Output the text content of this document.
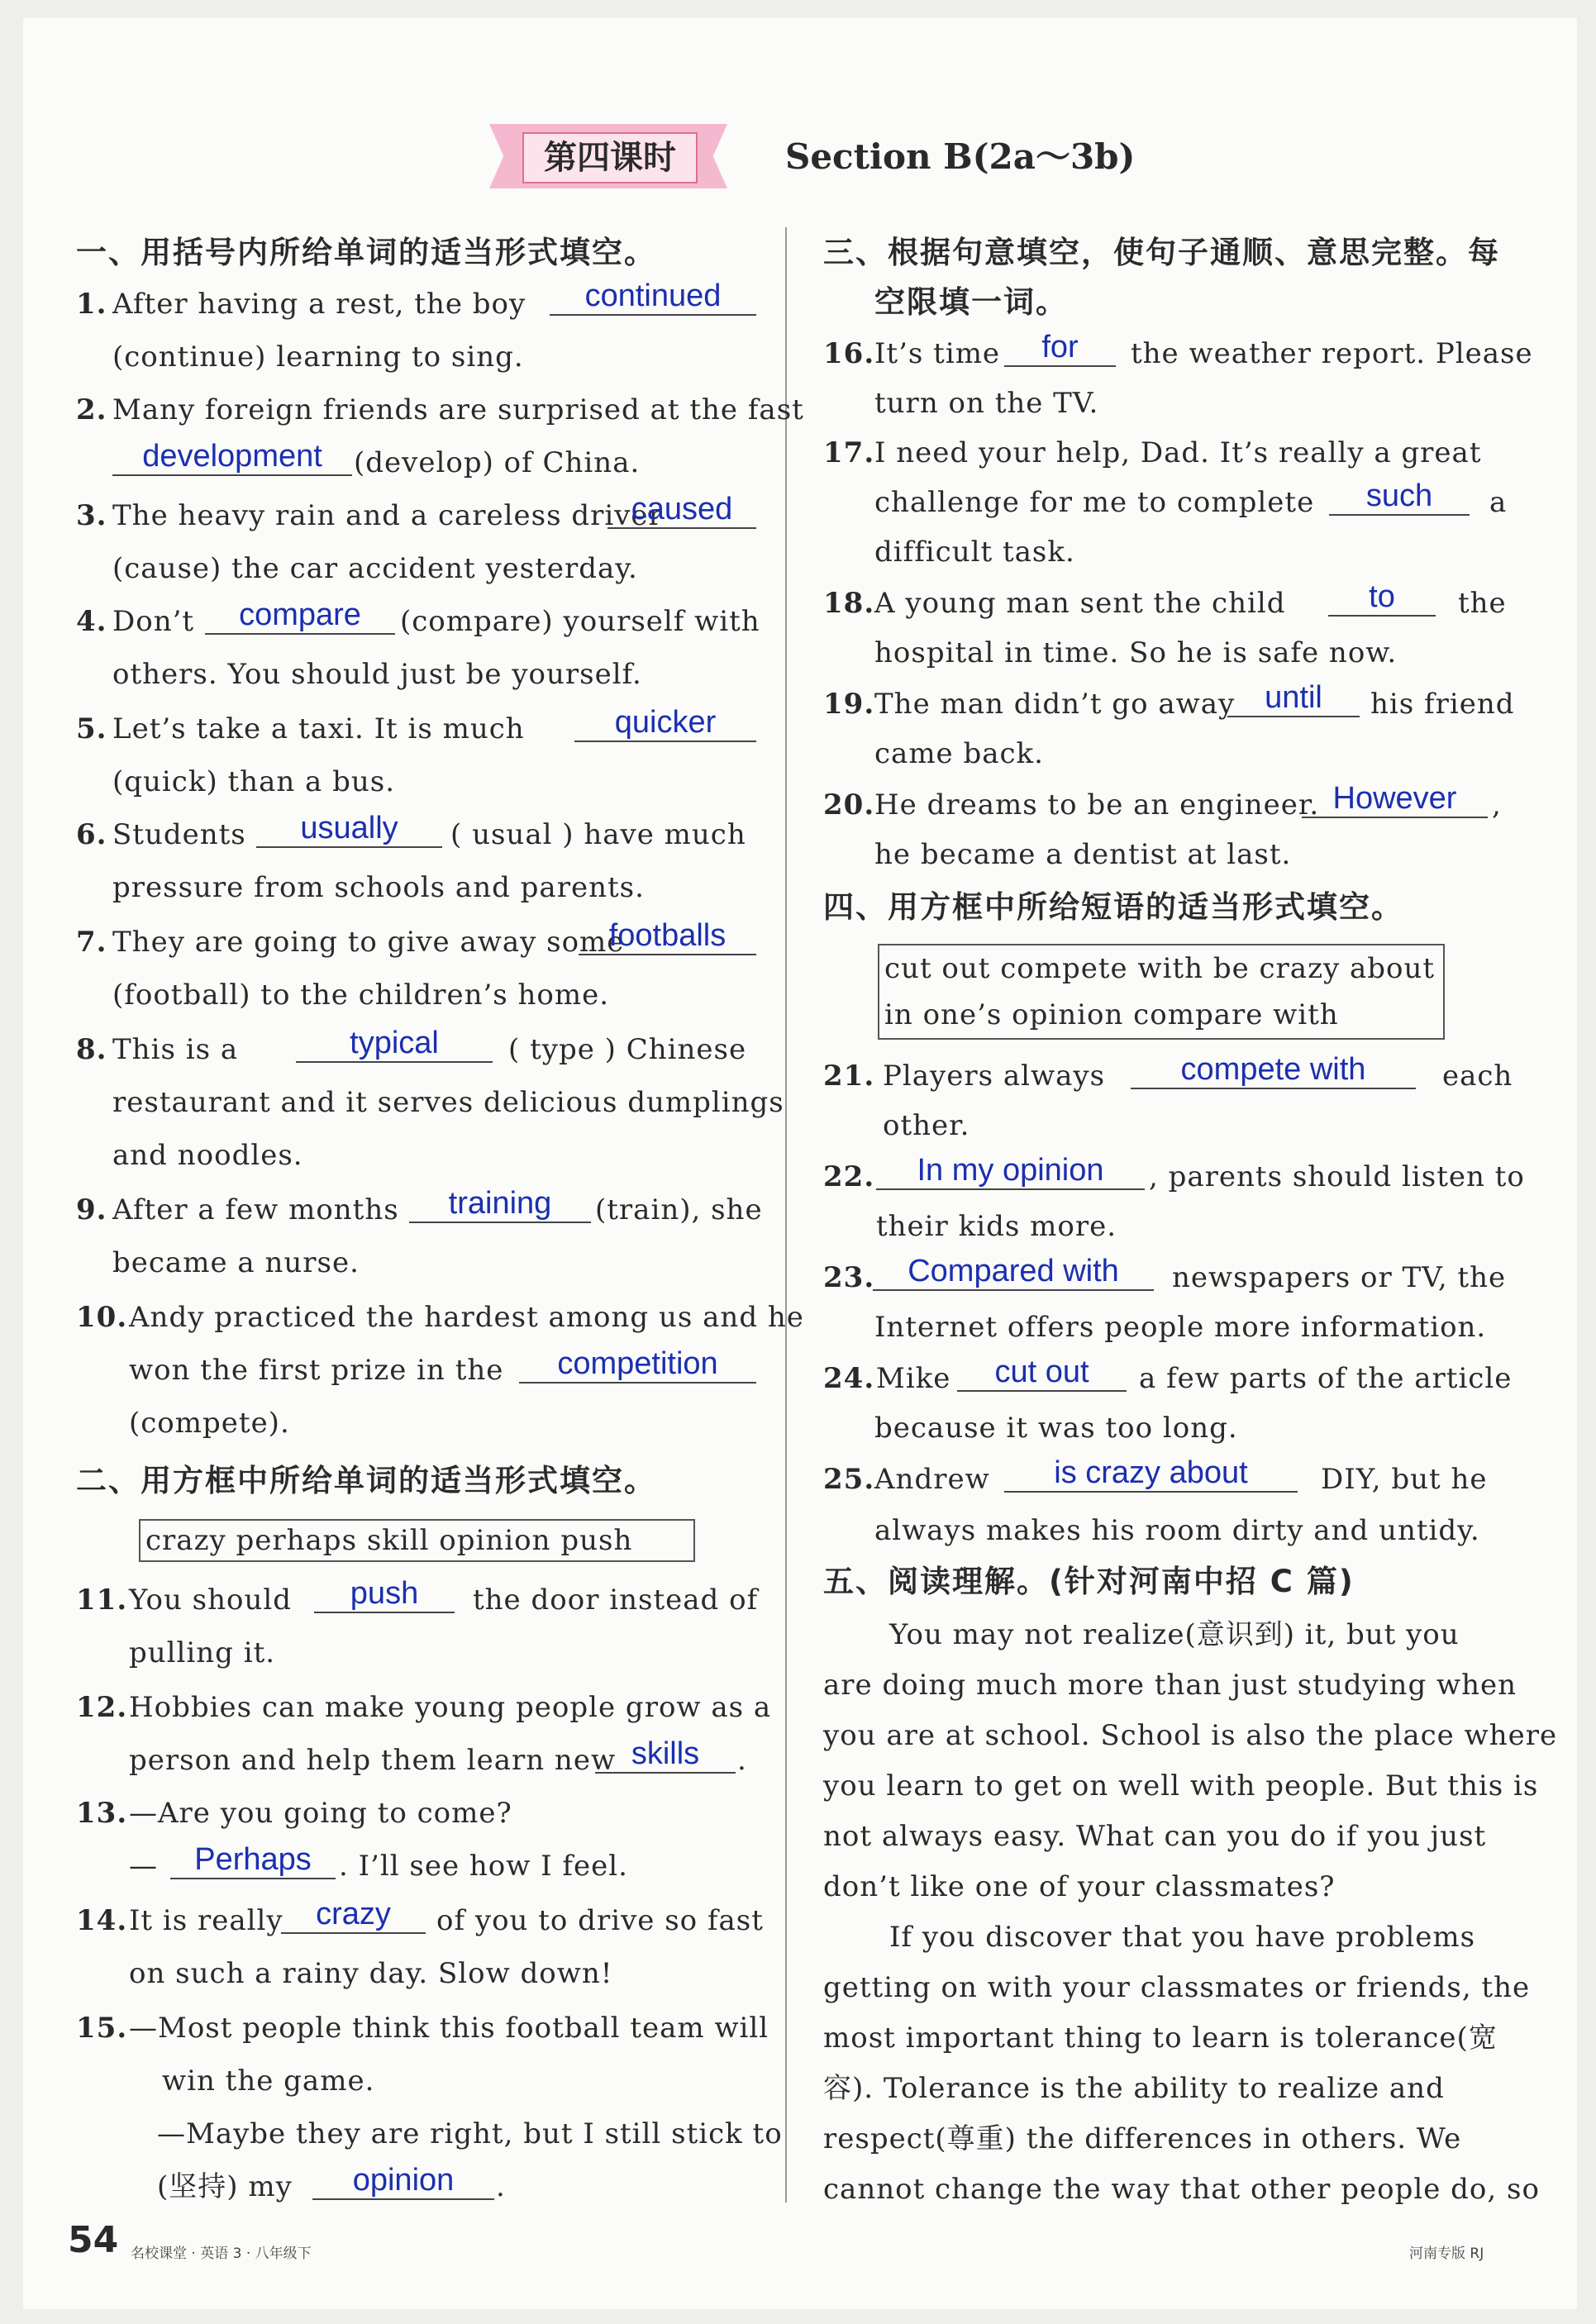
第四课时	Section B(2a～3b)
一、用括号内所给单词的适当形式填空。
1. After having a rest, the boy	continued
(continue) learning to sing.
2. Many foreign friends are surprised at the fast
development	(develop) of China.
3. The heavy rain and a careless driver
caused
(cause) the car accident yesterday.
4. Don’t	compare	(compare) yourself with
others. You should just be yourself.
5. Let’s take a taxi. It is much	quicker
(quick) than a bus.
6. Students	usually	( usual ) have much
pressure from schools and parents.
7. They are going to give away some
footballs
(football) to the children’s home.
8. This is a	typical	( type ) Chinese
restaurant and it serves delicious dumplings
and noodles.
9. After a few months	training	(train), she
became a nurse.
10. Andy practiced the hardest among us and he
won the first prize in the	competition
(compete).
二、用方框中所给单词的适当形式填空。
crazy perhaps skill opinion push
11. You should	push	the door instead of
pulling it.
12. Hobbies can make young people grow as a
person and help them learn new skills	.
13. —Are you going to come?
—	Perhaps . I’ll see how I feel.
14. It is really	crazy	of you to drive so fast
on such a rainy day. Slow down!
15. —Most people think this football team will
win the game.
—Maybe they are right, but I still stick to
(坚持) my	opinion	.
三、根据句意填空，使句子通顺、意思完整。每
空限填一词。
16. It’s time	for	the weather report. Please
turn on the TV.
17. I need your help, Dad. It’s really a great
challenge for me to complete	such	a
difficult task.
18. A young man sent the child	to	the
hospital in time. So he is safe now.
19. The man didn’t go away until	his friend
came back.
20. He dreams to be an engineer. However	,
he became a dentist at last.
四、用方框中所给短语的适当形式填空。
cut out compete with be crazy about
in one’s opinion compare with
21. Players always	compete with	each
other.
22.	In my opinion	, parents should listen to
their kids more.
23.	Compared with	newspapers or TV, the
Internet offers people more information.
24. Mike	cut out	a few parts of the article
because it was too long.
25. Andrew	is crazy about	DIY, but he
always makes his room dirty and untidy.
五、阅读理解。(针对河南中招 C 篇)
You may not realize(意识到) it, but you
are doing much more than just studying when
you are at school. School is also the place where
you learn to get on well with people. But this is
not always easy. What can you do if you just
don’t like one of your classmates?
If you discover that you have problems
getting on with your classmates or friends, the
most important thing to learn is tolerance(宽
容). Tolerance is the ability to realize and
respect(尊重) the differences in others. We
cannot change the way that other people do, so
54 名校课堂 · 英语 3 · 八年级下	河南专版 RJ
